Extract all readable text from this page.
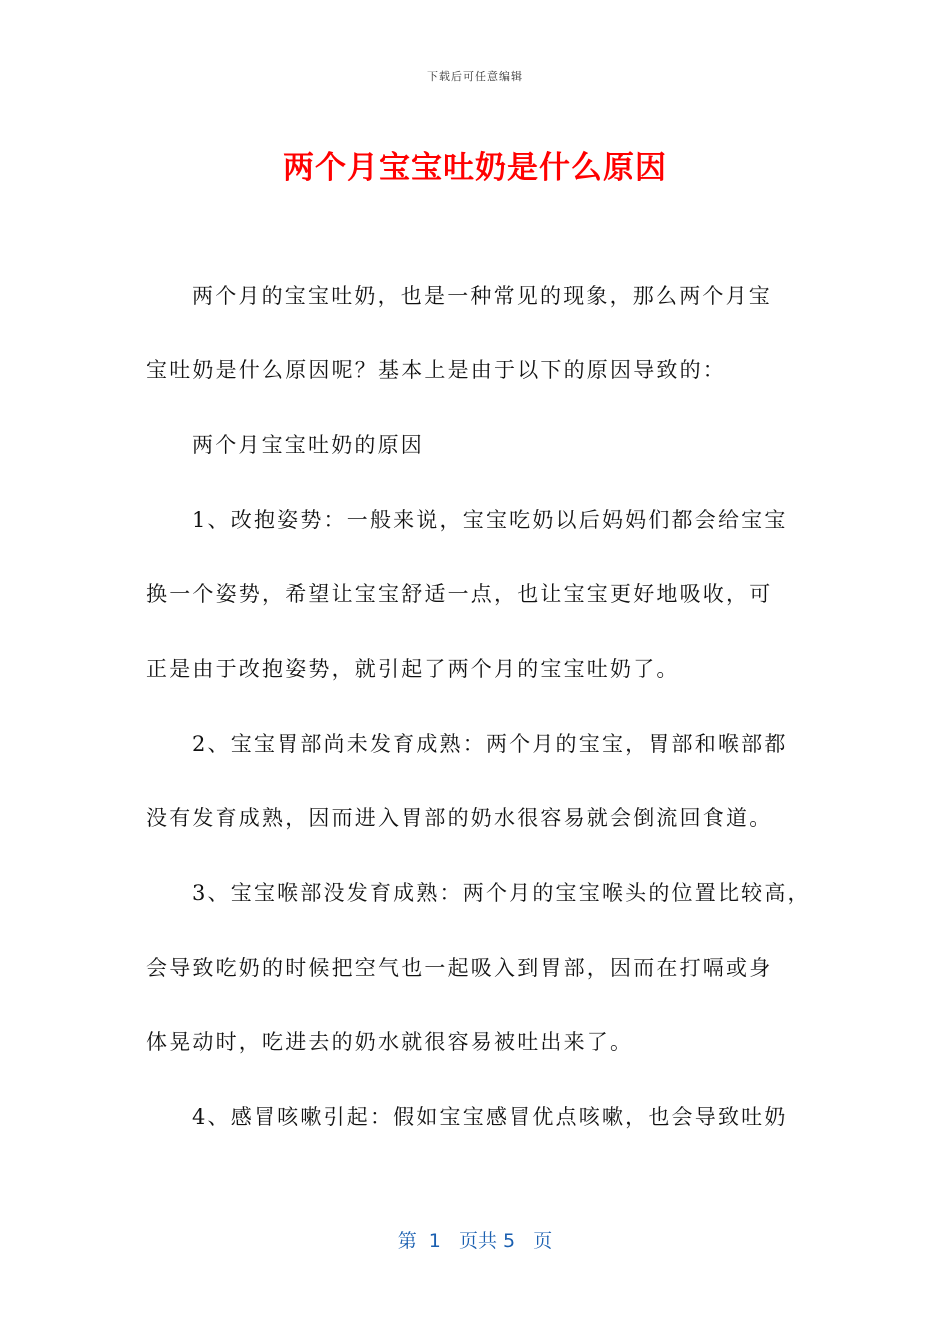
下载后可任意编辑
两个月宝宝吐奶是什么原因
两个月的宝宝吐奶，也是一种常见的现象，那么两个月宝
宝吐奶是什么原因呢？基本上是由于以下的原因导致的：
两个月宝宝吐奶的原因
1、改抱姿势：一般来说，宝宝吃奶以后妈妈们都会给宝宝
换一个姿势，希望让宝宝舒适一点，也让宝宝更好地吸收，可
正是由于改抱姿势，就引起了两个月的宝宝吐奶了。
2、宝宝胃部尚未发育成熟：两个月的宝宝，胃部和喉部都
没有发育成熟，因而进入胃部的奶水很容易就会倒流回食道。
3、宝宝喉部没发育成熟：两个月的宝宝喉头的位置比较高，
会导致吃奶的时候把空气也一起吸入到胃部，因而在打嗝或身
体晃动时，吃进去的奶水就很容易被吐出来了。
4、感冒咳嗽引起：假如宝宝感冒优点咳嗽，也会导致吐奶
第  1   页共 5   页
